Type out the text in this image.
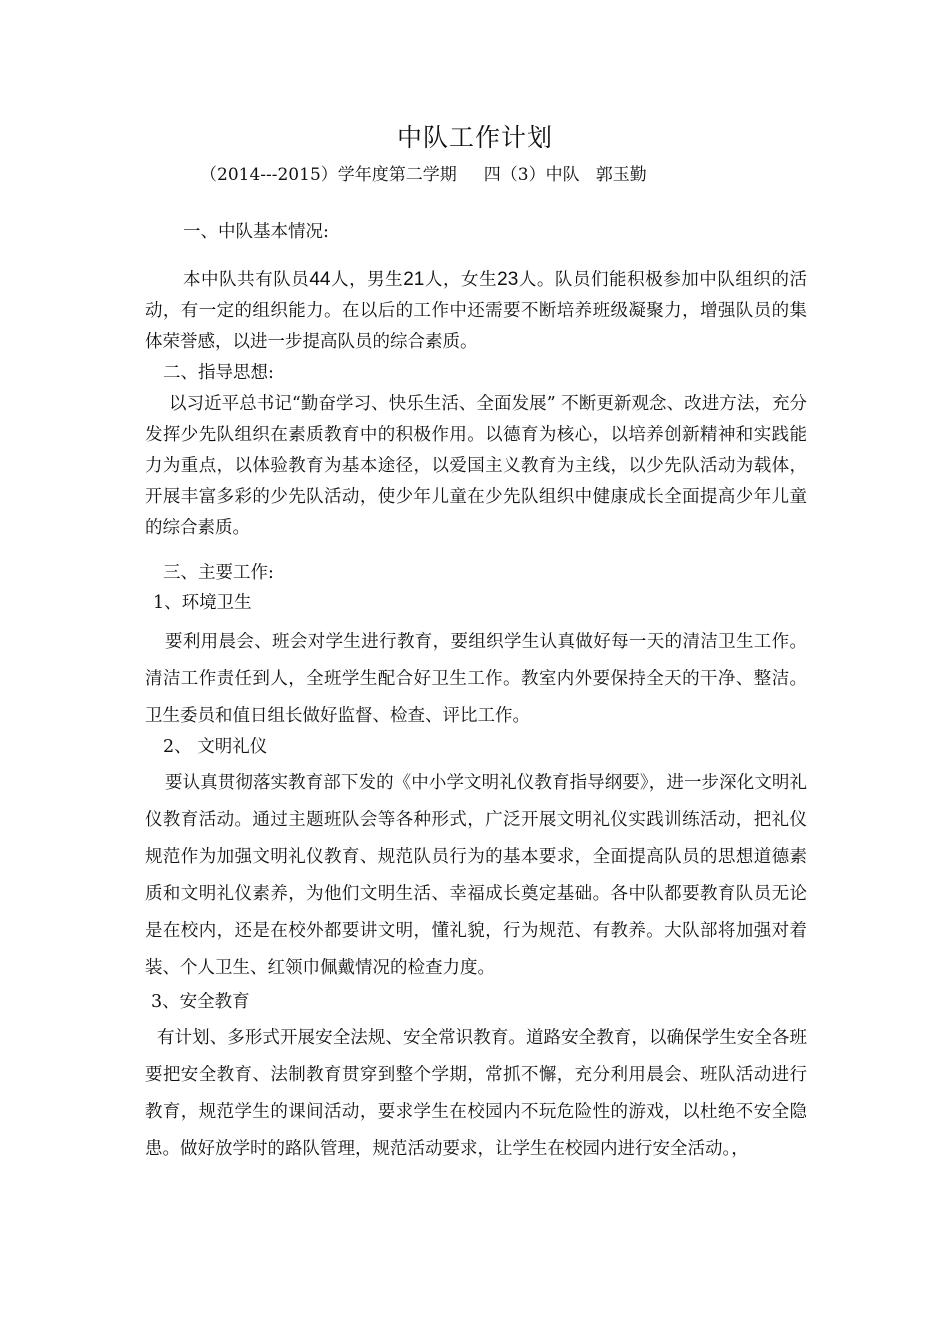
中队工作计划
（2014---2015）学年度第二学期     四（3）中队   郭玉勤
一、中队基本情况:
本中队共有队员44人，男生21人，女生23人。队员们能积极参加中队组织的活动，有一定的组织能力。在以后的工作中还需要不断培养班级凝聚力，增强队员的集体荣誉感，以进一步提高队员的综合素质。
二、指导思想:
以习近平总书记“勤奋学习、快乐生活、全面发展” 不断更新观念、改进方法，充分发挥少先队组织在素质教育中的积极作用。以德育为核心，以培养创新精神和实践能力为重点，以体验教育为基本途径，以爱国主义教育为主线，以少先队活动为载体，开展丰富多彩的少先队活动，使少年儿童在少先队组织中健康成长全面提高少年儿童的综合素质。
三、主要工作:
1、环境卫生
要利用晨会、班会对学生进行教育，要组织学生认真做好每一天的清洁卫生工作。清洁工作责任到人，全班学生配合好卫生工作。教室内外要保持全天的干净、整洁。卫生委员和值日组长做好监督、检查、评比工作。
2、 文明礼仪
要认真贯彻落实教育部下发的《中小学文明礼仪教育指导纲要》，进一步深化文明礼仪教育活动。通过主题班队会等各种形式，广泛开展文明礼仪实践训练活动，把礼仪规范作为加强文明礼仪教育、规范队员行为的基本要求，全面提高队员的思想道德素质和文明礼仪素养，为他们文明生活、幸福成长奠定基础。各中队都要教育队员无论是在校内，还是在校外都要讲文明，懂礼貌，行为规范、有教养。大队部将加强对着装、个人卫生、红领巾佩戴情况的检查力度。
3、安全教育
有计划、多形式开展安全法规、安全常识教育。道路安全教育，以确保学生安全各班要把安全教育、法制教育贯穿到整个学期，常抓不懈，充分利用晨会、班队活动进行教育，规范学生的课间活动，要求学生在校园内不玩危险性的游戏，以杜绝不安全隐患。做好放学时的路队管理，规范活动要求，让学生在校园内进行安全活动。，
